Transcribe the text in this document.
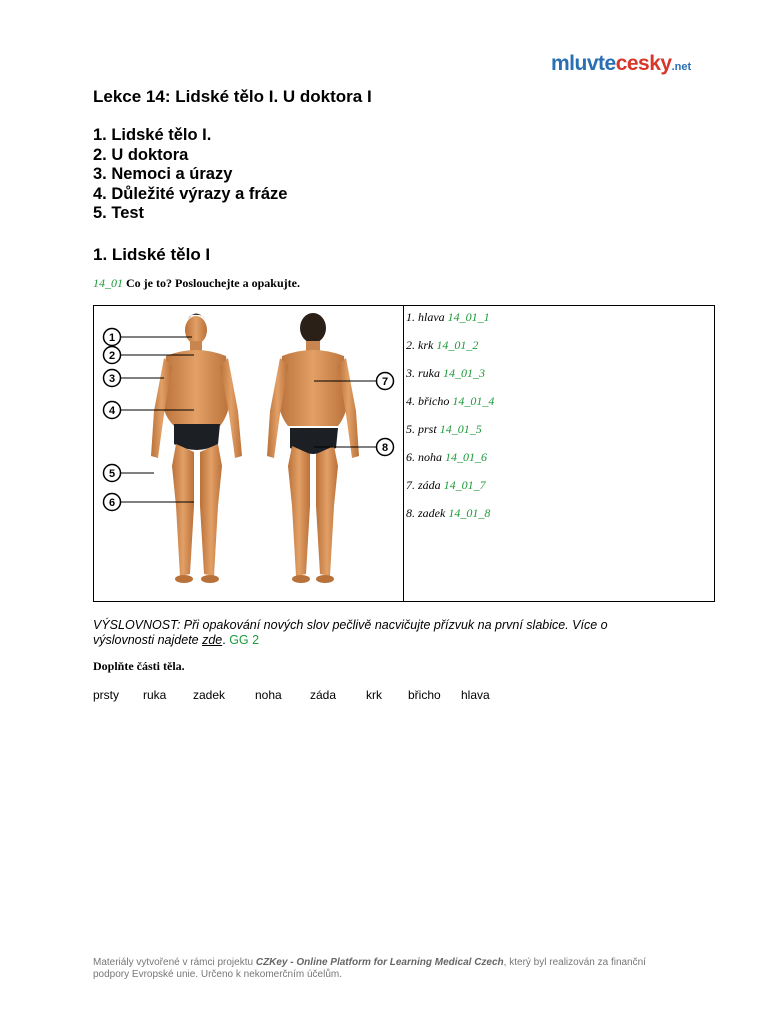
mluvtecesky.net
Lekce 14: Lidské tělo I. U doktora I
1. Lidské tělo I.
2. U doktora
3. Nemoci a úrazy
4. Důležité výrazy a fráze
5. Test
1. Lidské tělo I
14_01 Co je to? Poslouchejte a opakujte.
1
2
3
4
5
6
7
8
1. hlava 14_01_1
2. krk 14_01_2
3. ruka 14_01_3
4. břicho 14_01_4
5. prst 14_01_5
6. noha 14_01_6
7. záda 14_01_7
8. zadek 14_01_8
VÝSLOVNOST: Při opakování nových slov pečlivě nacvičujte přízvuk na první slabice. Více o výslovnosti najdete zde. GG 2
Doplňte části těla.
prsty ruka zadek noha záda krk břicho hlava
Materiály vytvořené v rámci projektu CZKey - Online Platform for Learning Medical Czech, který byl realizován za finanční podpory Evropské unie. Určeno k nekomerčním účelům.
